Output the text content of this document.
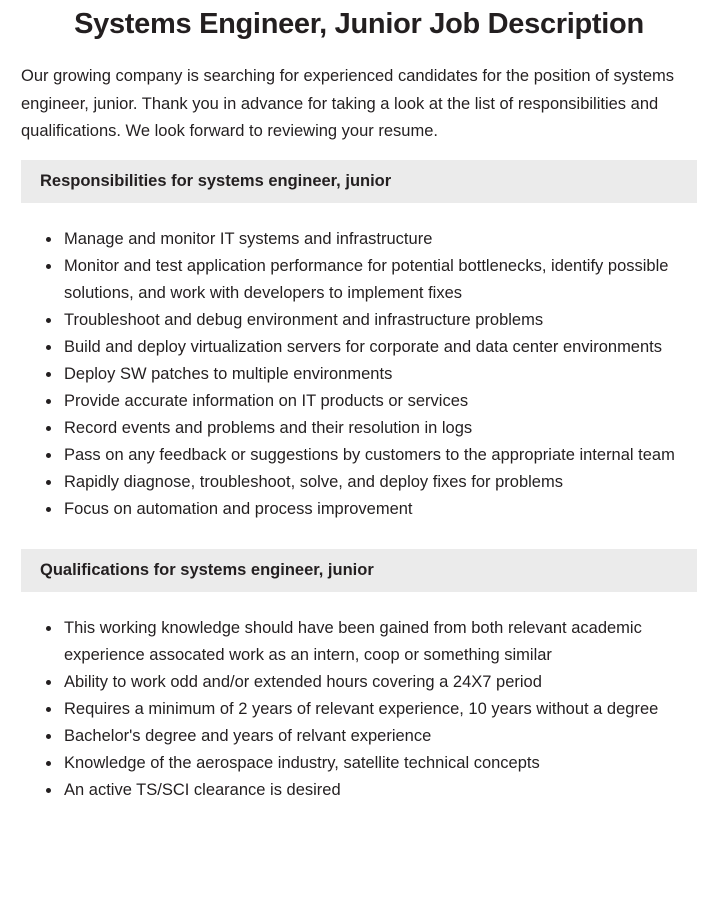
Systems Engineer, Junior Job Description

Our growing company is searching for experienced candidates for the position of systems engineer, junior. Thank you in advance for taking a look at the list of responsibilities and qualifications. We look forward to reviewing your resume.

Responsibilities for systems engineer, junior
• Manage and monitor IT systems and infrastructure
• Monitor and test application performance for potential bottlenecks, identify possible solutions, and work with developers to implement fixes
• Troubleshoot and debug environment and infrastructure problems
• Build and deploy virtualization servers for corporate and data center environments
• Deploy SW patches to multiple environments
• Provide accurate information on IT products or services
• Record events and problems and their resolution in logs
• Pass on any feedback or suggestions by customers to the appropriate internal team
• Rapidly diagnose, troubleshoot, solve, and deploy fixes for problems
• Focus on automation and process improvement
Qualifications for systems engineer, junior
• This working knowledge should have been gained from both relevant academic experience assocated work as an intern, coop or something similar
• Ability to work odd and/or extended hours covering a 24X7 period
• Requires a minimum of 2 years of relevant experience, 10 years without a degree
• Bachelor's degree and years of relvant experience
• Knowledge of the aerospace industry, satellite technical concepts
• An active TS/SCI clearance is desired
